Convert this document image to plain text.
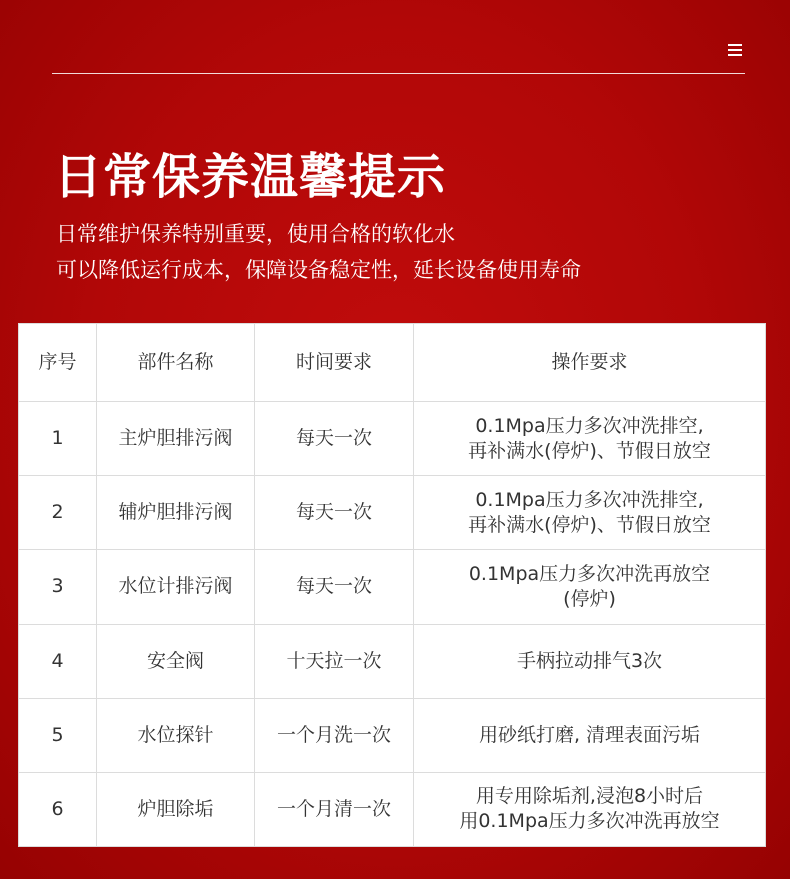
日常保养温馨提示
日常维护保养特别重要，使用合格的软化水
可以降低运行成本，保障设备稳定性，延长设备使用寿命
序号	部件名称	时间要求	操作要求
1	主炉胆排污阀	每天一次	0.1Mpa压力多次冲洗排空,
再补满水(停炉)、节假日放空

2	辅炉胆排污阀	每天一次	0.1Mpa压力多次冲洗排空,
再补满水(停炉)、节假日放空

3	水位计排污阀	每天一次	0.1Mpa压力多次冲洗再放空
(停炉)

4	安全阀	十天拉一次	手柄拉动排气3次

5	水位探针	一个月洗一次	用砂纸打磨, 清理表面污垢

6	炉胆除垢	一个月清一次	用专用除垢剂,浸泡8小时后
用0.1Mpa压力多次冲洗再放空
